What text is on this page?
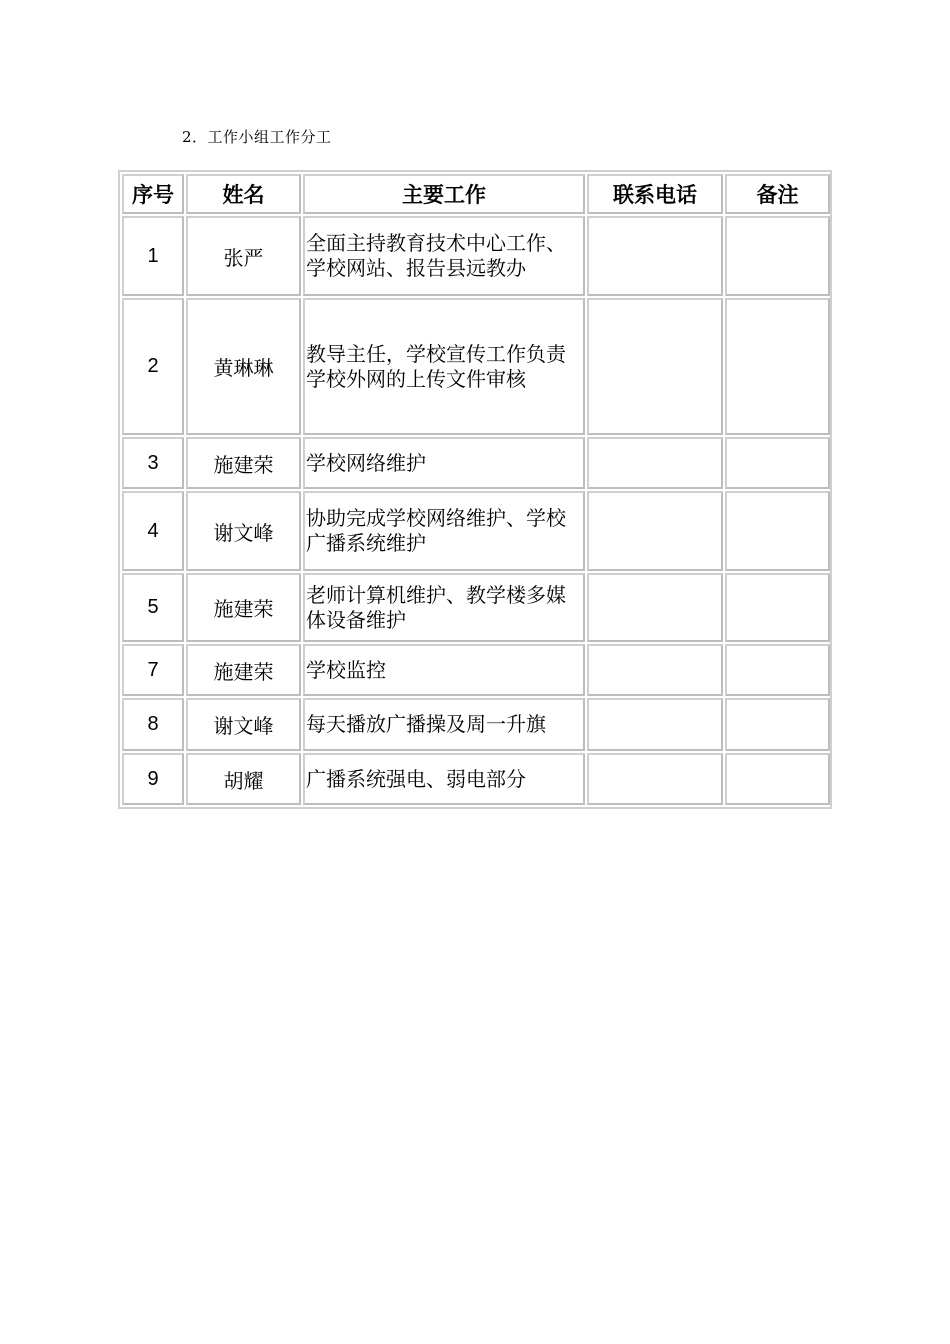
2．工作小组工作分工
序号	姓名	主要工作	联系电话	备注
1	张严	全面主持教育技术中心工作、学校网站、报告县远教办		
2	黄琳琳	教导主任，学校宣传工作负责学校外网的上传文件审核		
3	施建荣	学校网络维护		
4	谢文峰	协助完成学校网络维护、学校广播系统维护		
5	施建荣	老师计算机维护、教学楼多媒体设备维护		
7	施建荣	学校监控		
8	谢文峰	每天播放广播操及周一升旗		
9	胡耀	广播系统强电、弱电部分		
